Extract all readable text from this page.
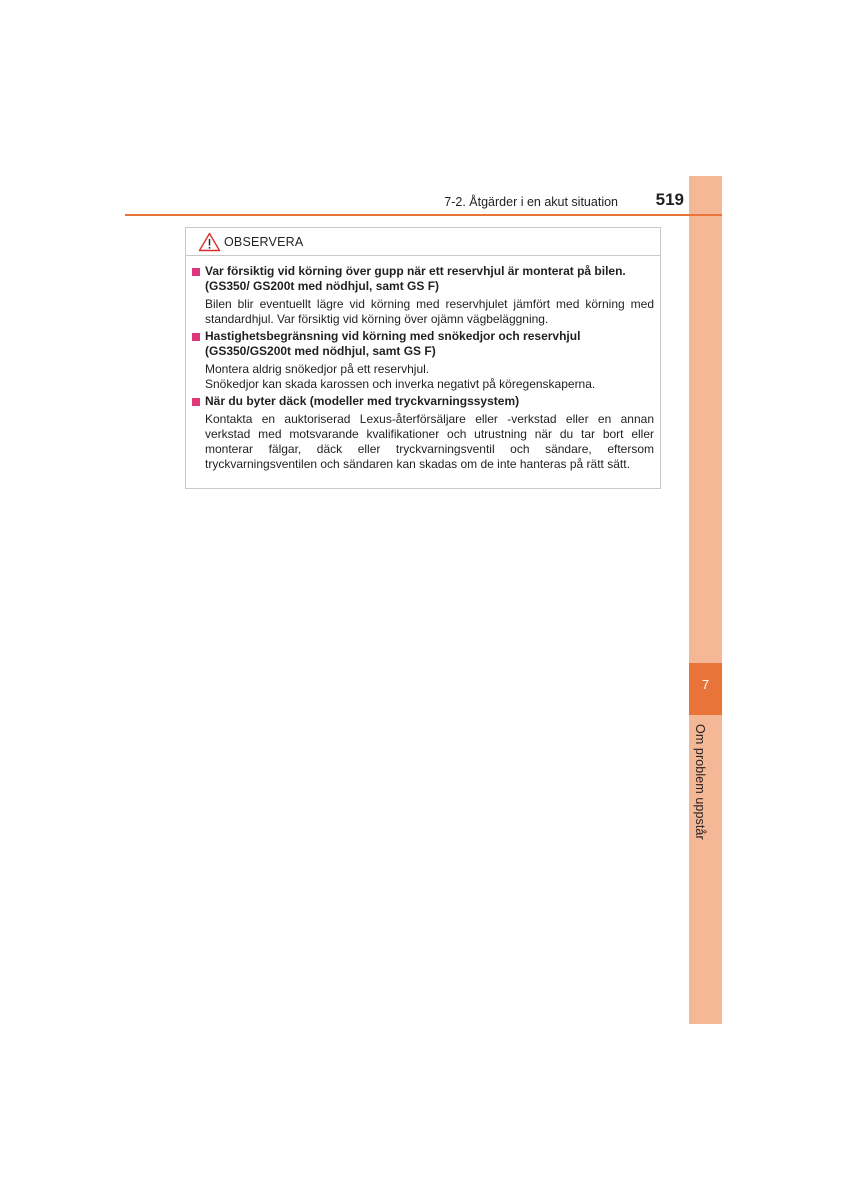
7
Om problem uppstår
7-2. Åtgärder i en akut situation	519
OBSERVERA
Var försiktig vid körning över gupp när ett reservhjul är monterat på bilen. (GS350/ GS200t med nödhjul, samt GS F)

Bilen blir eventuellt lägre vid körning med reservhjulet jämfört med körning med standardhjul. Var försiktig vid körning över ojämn vägbeläggning.

Hastighetsbegränsning vid körning med snökedjor och reservhjul (GS350/GS200t med nödhjul, samt GS F)

Montera aldrig snökedjor på ett reservhjul.

Snökedjor kan skada karossen och inverka negativt på köregenskaperna.

När du byter däck (modeller med tryckvarningssystem)

Kontakta en auktoriserad Lexus-återförsäljare eller -verkstad eller en annan verkstad med motsvarande kvalifikationer och utrustning när du tar bort eller monterar fälgar, däck eller tryckvarningsventil och sändare, eftersom tryckvarningsventilen och sändaren kan skadas om de inte hanteras på rätt sätt.
